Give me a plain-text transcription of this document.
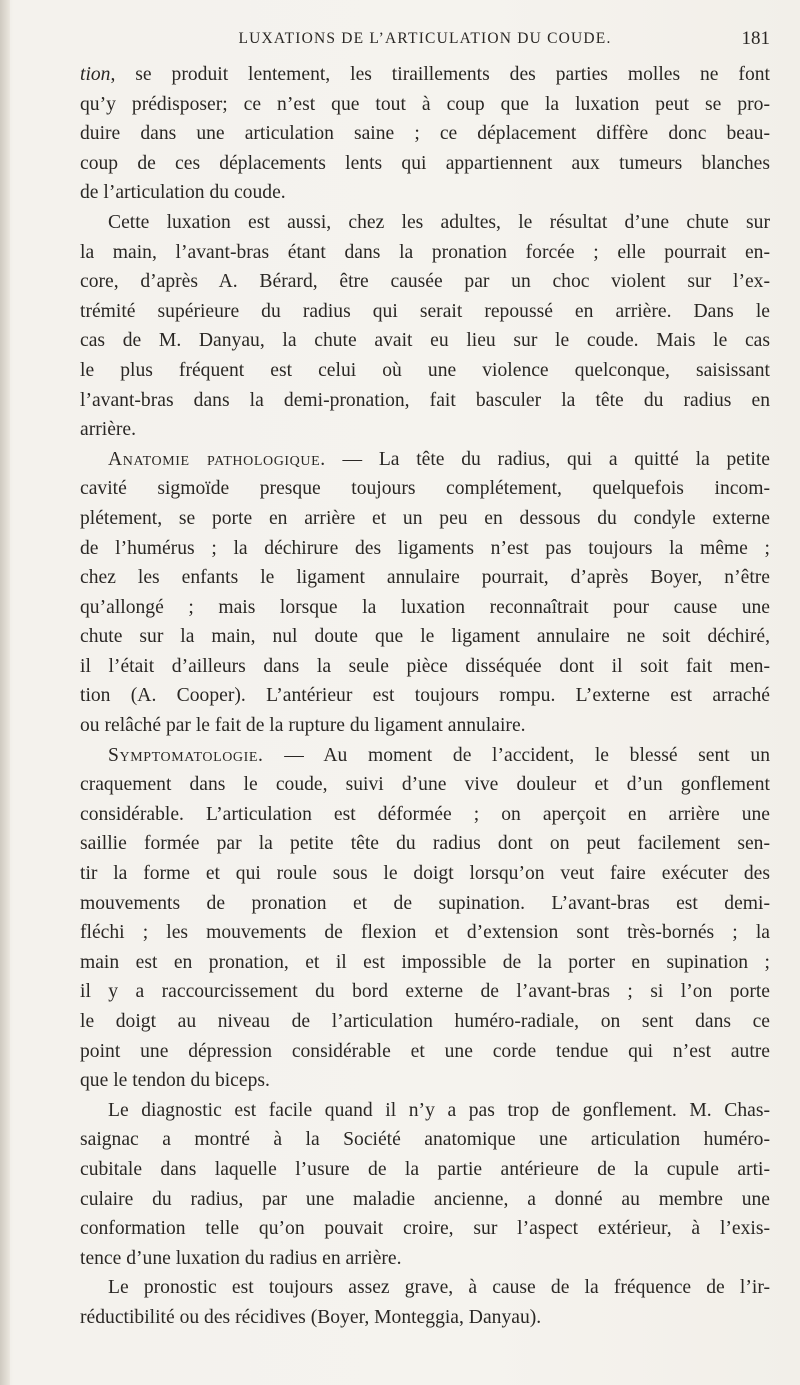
LUXATIONS DE L’ARTICULATION DU COUDE.	181
tion, se produit lentement, les tiraillements des parties molles ne font
qu’y prédisposer; ce n’est que tout à coup que la luxation peut se pro-
duire dans une articulation saine ; ce déplacement diffère donc beau-
coup de ces déplacements lents qui appartiennent aux tumeurs blanches
de l’articulation du coude.
Cette luxation est aussi, chez les adultes, le résultat d’une chute sur
la main, l’avant-bras étant dans la pronation forcée ; elle pourrait en-
core, d’après A. Bérard, être causée par un choc violent sur l’ex-
trémité supérieure du radius qui serait repoussé en arrière. Dans le
cas de M. Danyau, la chute avait eu lieu sur le coude. Mais le cas
le plus fréquent est celui où une violence quelconque, saisissant
l’avant-bras dans la demi-pronation, fait basculer la tête du radius en
arrière.
Anatomie pathologique. — La tête du radius, qui a quitté la petite
cavité sigmoïde presque toujours complétement, quelquefois incom-
plétement, se porte en arrière et un peu en dessous du condyle externe
de l’humérus ; la déchirure des ligaments n’est pas toujours la même ;
chez les enfants le ligament annulaire pourrait, d’après Boyer, n’être
qu’allongé ; mais lorsque la luxation reconnaîtrait pour cause une
chute sur la main, nul doute que le ligament annulaire ne soit déchiré,
il l’était d’ailleurs dans la seule pièce disséquée dont il soit fait men-
tion (A. Cooper). L’antérieur est toujours rompu. L’externe est arraché
ou relâché par le fait de la rupture du ligament annulaire.
Symptomatologie. — Au moment de l’accident, le blessé sent un
craquement dans le coude, suivi d’une vive douleur et d’un gonflement
considérable. L’articulation est déformée ; on aperçoit en arrière une
saillie formée par la petite tête du radius dont on peut facilement sen-
tir la forme et qui roule sous le doigt lorsqu’on veut faire exécuter des
mouvements de pronation et de supination. L’avant-bras est demi-
fléchi ; les mouvements de flexion et d’extension sont très-bornés ; la
main est en pronation, et il est impossible de la porter en supination ;
il y a raccourcissement du bord externe de l’avant-bras ; si l’on porte
le doigt au niveau de l’articulation huméro-radiale, on sent dans ce
point une dépression considérable et une corde tendue qui n’est autre
que le tendon du biceps.
Le diagnostic est facile quand il n’y a pas trop de gonflement. M. Chas-
saignac a montré à la Société anatomique une articulation huméro-
cubitale dans laquelle l’usure de la partie antérieure de la cupule arti-
culaire du radius, par une maladie ancienne, a donné au membre une
conformation telle qu’on pouvait croire, sur l’aspect extérieur, à l’exis-
tence d’une luxation du radius en arrière.
Le pronostic est toujours assez grave, à cause de la fréquence de l’ir-
réductibilité ou des récidives (Boyer, Monteggia, Danyau).
